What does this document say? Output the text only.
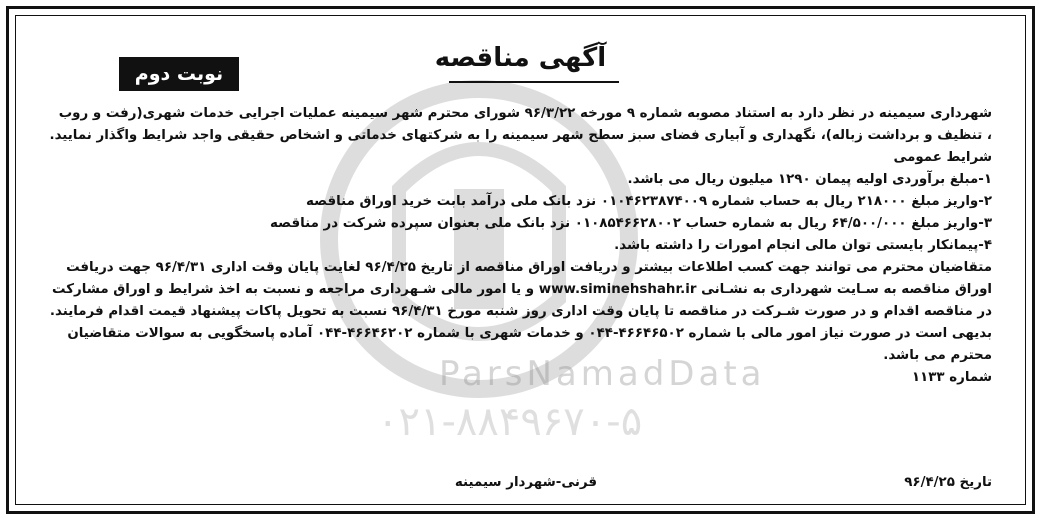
ParsNamadData
۰۲۱-۸۸۴۹۶۷۰-۵
نوبت دوم
آگهی مناقصه

شهرداری سیمینه در نظر دارد به استناد مصوبه شماره ۹ مورخه ۹۶/۳/۲۲ شورای محترم شهر سیمینه عملیات اجرایی خدمات شهری(رفت و روب ، تنظیف و برداشت زباله)، نگهداری و آبیاری فضای سبز سطح شهر سیمینه را به شرکتهای خدماتی و اشخاص حقیقی واجد شرایط واگذار نمایید.

شرایط عمومی

۱-مبلغ برآوردی اولیه پیمان ۱۲۹۰ میلیون ریال می باشد.

۲-واریز مبلغ ۲۱۸۰۰۰ ریال به حساب شماره ۰۱۰۴۶۲۳۸۷۴۰۰۹ نزد بانک ملی درآمد بابت خرید اوراق مناقصه

۳-واریز مبلغ ۶۴/۵۰۰/۰۰۰ ریال به شماره حساب ۰۱۰۸۵۴۶۶۲۸۰۰۲ نزد بانک ملی بعنوان سپرده شرکت در مناقصه

۴-پیمانکار بایستی توان مالی انجام امورات را داشته باشد.

متقاضیان محترم می توانند جهت کسب اطلاعات بیشتر و دریافت اوراق مناقصه از تاریخ ۹۶/۴/۲۵ لغایت پایان وقت اداری ۹۶/۴/۳۱ جهت دریافت اوراق مناقصه به سـایت شهرداری به نشـانی www.siminehshahr.ir و یا امور مالی شـهرداری مراجعه و نسبت به اخذ شرایط و اوراق مشارکت در مناقصه اقدام و در صورت شـرکت در مناقصه تا پایان وقت اداری روز شنبه مورخ ۹۶/۴/۳۱ نسبت به تحویل پاکات پیشنهاد قیمت اقدام فرمایند.

بدیهی است در صورت نیاز امور مالی با شماره ۴۶۶۴۶۵۰۲-۰۴۴ و خدمات شهری با شماره ۴۶۶۴۶۲۰۲-۰۴۴ آماده پاسخگویی به سوالات متقاضیان محترم می باشد.

شماره ۱۱۳۳

تاریخ ۹۶/۴/۲۵
قرنی-شهردار سیمینه
